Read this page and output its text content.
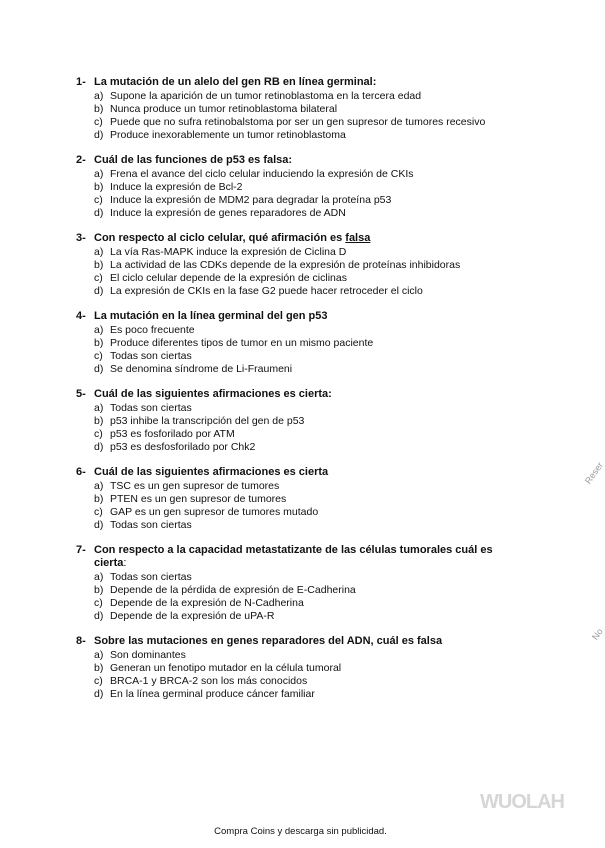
1- La mutación de un alelo del gen RB en línea germinal:
a) Supone la aparición de un tumor retinoblastoma en la tercera edad
b) Nunca produce un tumor retinoblastoma bilateral
c) Puede que no sufra retinobalstoma por ser un gen supresor de tumores recesivo
d) Produce inexorablemente un tumor retinoblastoma
2- Cuál de las funciones de p53 es falsa:
a) Frena el avance del ciclo celular induciendo la expresión de CKIs
b) Induce la expresión de Bcl-2
c) Induce la expresión de MDM2 para degradar la proteína p53
d) Induce la expresión de genes reparadores de ADN
3- Con respecto al ciclo celular, qué afirmación es falsa
a) La vía Ras-MAPK induce la expresión de Ciclina D
b) La actividad de las CDKs depende de la expresión de proteínas inhibidoras
c) El ciclo celular depende de la expresión de ciclinas
d) La expresión de CKIs en la fase G2 puede hacer retroceder el ciclo
4- La mutación en la línea germinal del gen p53
a) Es poco frecuente
b) Produce diferentes tipos de tumor en un mismo paciente
c) Todas son ciertas
d) Se denomina síndrome de Li-Fraumeni
5- Cuál de las siguientes afirmaciones es cierta:
a) Todas son ciertas
b) p53 inhibe la transcripción del gen de p53
c) p53 es fosforilado por ATM
d) p53 es desfosforilado por Chk2
6- Cuál de las siguientes afirmaciones es cierta
a) TSC es un gen supresor de tumores
b) PTEN es un gen supresor de tumores
c) GAP es un gen supresor de tumores mutado
d) Todas son ciertas
7- Con respecto a la capacidad metastatizante de las células tumorales cuál es cierta:
a) Todas son ciertas
b) Depende de la pérdida de expresión de E-Cadherina
c) Depende de la expresión de N-Cadherina
d) Depende de la expresión de uPA-R
8- Sobre las mutaciones en genes reparadores del ADN, cuál es falsa
a) Son dominantes
b) Generan un fenotipo mutador en la célula tumoral
c) BRCA-1 y BRCA-2 son los más conocidos
d) En la línea germinal produce cáncer familiar
Reser
No
WUOLAH
Compra Coins y descarga sin publicidad.
